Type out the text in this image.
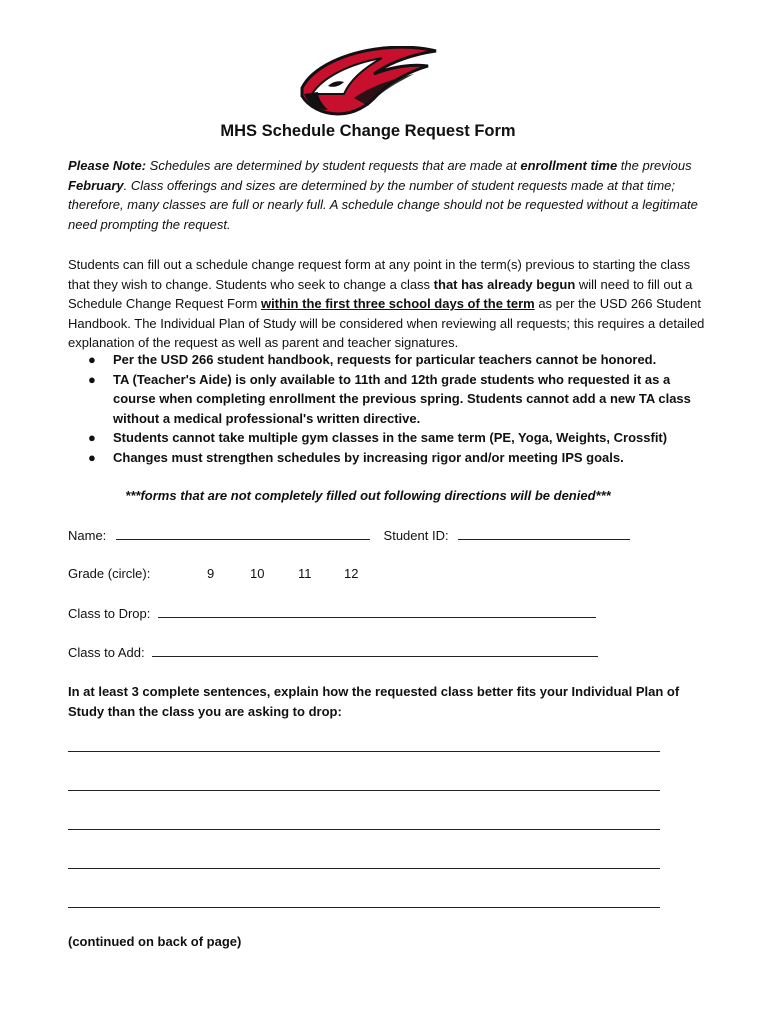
MHS Schedule Change Request Form
Please Note: Schedules are determined by student requests that are made at enrollment time the previous February. Class offerings and sizes are determined by the number of student requests made at that time; therefore, many classes are full or nearly full. A schedule change should not be requested without a legitimate need prompting the request.
Students can fill out a schedule change request form at any point in the term(s) previous to starting the class that they wish to change. Students who seek to change a class that has already begun will need to fill out a Schedule Change Request Form within the first three school days of the term as per the USD 266 Student Handbook. The Individual Plan of Study will be considered when reviewing all requests; this requires a detailed explanation of the request as well as parent and teacher signatures.
● Per the USD 266 student handbook, requests for particular teachers cannot be honored.
● TA (Teacher's Aide) is only available to 11th and 12th grade students who requested it as a course when completing enrollment the previous spring. Students cannot add a new TA class without a medical professional's written directive.
● Students cannot take multiple gym classes in the same term (PE, Yoga, Weights, Crossfit)
● Changes must strengthen schedules by increasing rigor and/or meeting IPS goals.
***forms that are not completely filled out following directions will be denied***
Name:	Student ID:
Grade (circle):	9	10	11	12
Class to Drop:
Class to Add:
In at least 3 complete sentences, explain how the requested class better fits your Individual Plan of Study than the class you are asking to drop:
(continued on back of page)
